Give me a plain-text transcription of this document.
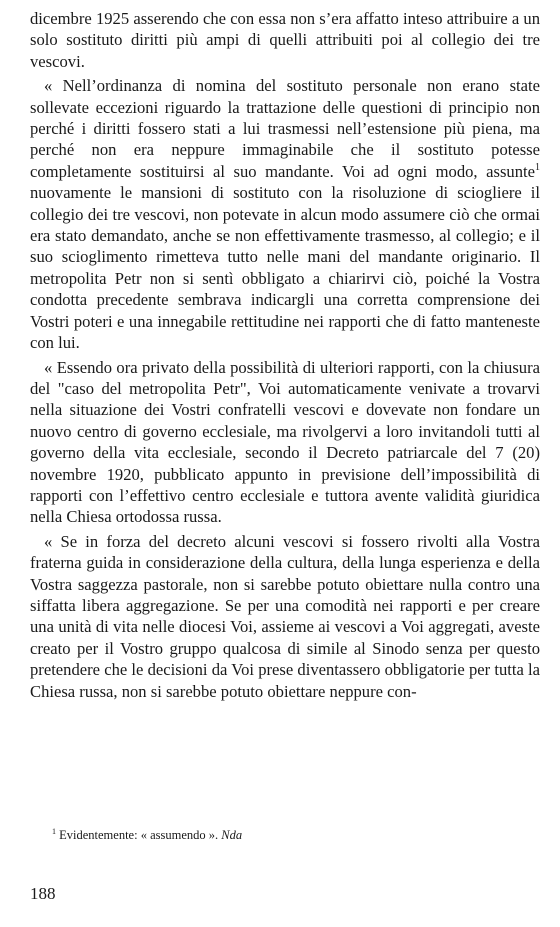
dicembre 1925 asserendo che con essa non s’era affatto inteso attribuire a un solo sostituto diritti più ampi di quelli attribuiti poi al collegio dei tre vescovi.

« Nell’ordinanza di nomina del sostituto personale non erano state sollevate eccezioni riguardo la trattazione delle questioni di principio non perché i diritti fossero stati a lui trasmessi nell’estensione più piena, ma perché non era neppure immaginabile che il sostituto potesse completamente sostituirsi al suo mandante. Voi ad ogni modo, assunte$^1$ nuovamente le mansioni di sostituto con la risoluzione di sciogliere il collegio dei tre vescovi, non potevate in alcun modo assumere ciò che ormai era stato demandato, anche se non effettivamente trasmesso, al collegio; e il suo scioglimento rimetteva tutto nelle mani del mandante originario. Il metropolita Petr non si sentì obbligato a chiarirvi ciò, poiché la Vostra condotta precedente sembrava indicargli una corretta comprensione dei Vostri poteri e una innegabile rettitudine nei rapporti che di fatto manteneste con lui.

« Essendo ora privato della possibilità di ulteriori rapporti, con la chiusura del "caso del metropolita Petr", Voi automaticamente venivate a trovarvi nella situazione dei Vostri confratelli vescovi e dovevate non fondare un nuovo centro di governo ecclesiale, ma rivolgervi a loro invitandoli tutti al governo della vita ecclesiale, secondo il Decreto patriarcale del 7 (20) novembre 1920, pubblicato appunto in previsione dell’impossibilità di rapporti con l’effettivo centro ecclesiale e tuttora avente validità giuridica nella Chiesa ortodossa russa.

« Se in forza del decreto alcuni vescovi si fossero rivolti alla Vostra fraterna guida in considerazione della cultura, della lunga esperienza e della Vostra saggezza pastorale, non si sarebbe potuto obiettare nulla contro una siffatta libera aggregazione. Se per una comodità nei rapporti e per creare una unità di vita nelle diocesi Voi, assieme ai vescovi a Voi aggregati, aveste creato per il Vostro gruppo qualcosa di simile al Sinodo senza per questo pretendere che le decisioni da Voi prese diventassero obbligatorie per tutta la Chiesa russa, non si sarebbe potuto obiettare neppure con-

$^1$ Evidentemente: « assumendo ». Nda
188
